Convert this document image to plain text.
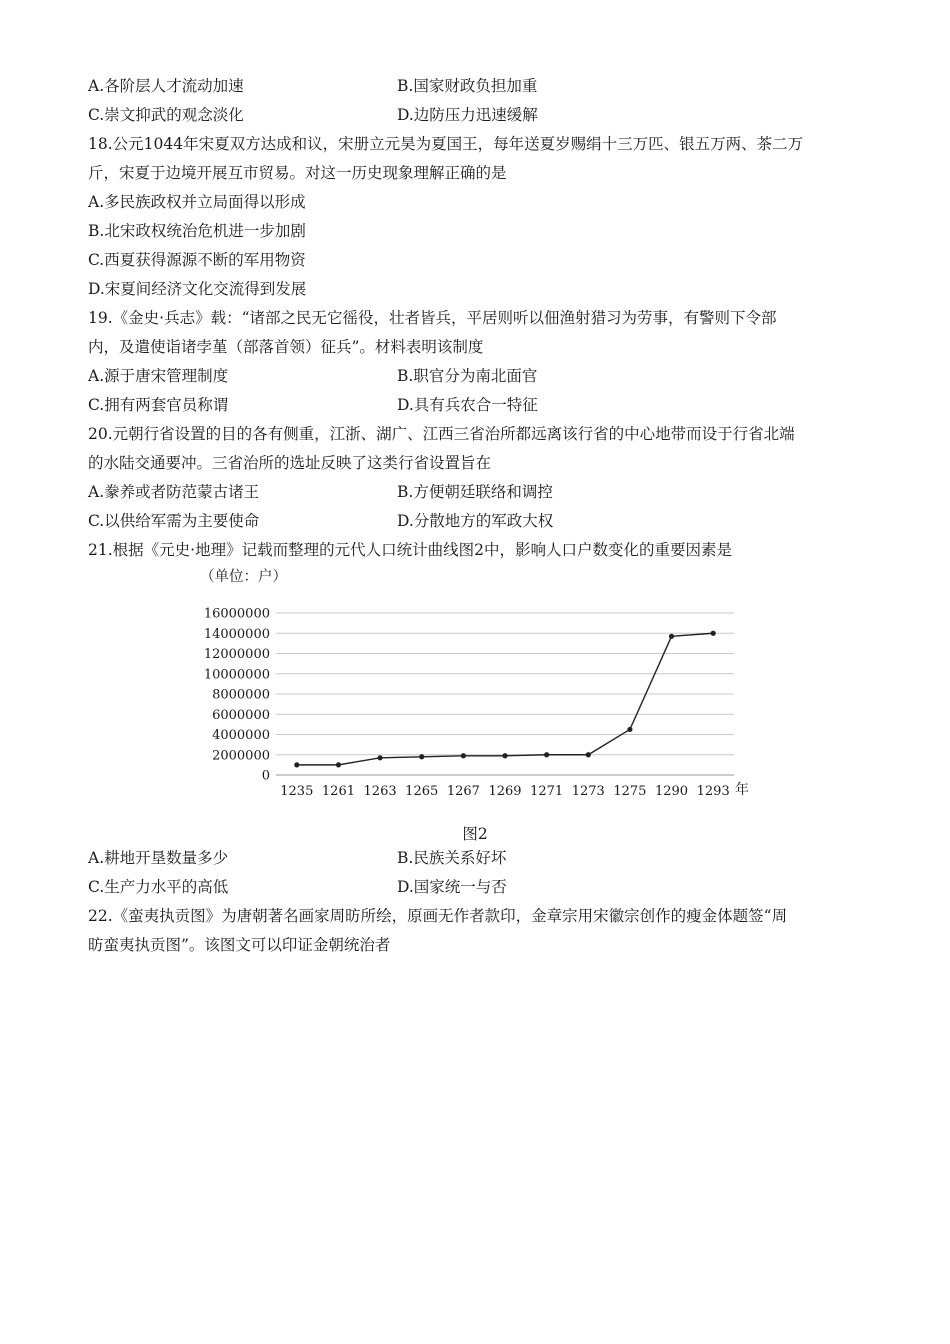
A.各阶层人才流动加速	B.国家财政负担加重
C.崇文抑武的观念淡化	D.边防压力迅速缓解
18.公元1044年宋夏双方达成和议，宋册立元昊为夏国王，每年送夏岁赐绢十三万匹、银五万两、茶二万
斤，宋夏于边境开展互市贸易。对这一历史现象理解正确的是
A.多民族政权并立局面得以形成
B.北宋政权统治危机进一步加剧
C.西夏获得源源不断的军用物资
D.宋夏间经济文化交流得到发展
19.《金史·兵志》载：“诸部之民无它徭役，壮者皆兵，平居则听以佃渔射猎习为劳事，有警则下令部
内，及遣使诣诸孛堇（部落首领）征兵”。材料表明该制度
A.源于唐宋管理制度	B.职官分为南北面官
C.拥有两套官员称谓	D.具有兵农合一特征
20.元朝行省设置的目的各有侧重，江浙、湖广、江西三省治所都远离该行省的中心地带而设于行省北端
的水陆交通要冲。三省治所的选址反映了这类行省设置旨在
A.豢养或者防范蒙古诸王	B.方便朝廷联络和调控
C.以供给军需为主要使命	D.分散地方的军政大权
21.根据《元史·地理》记载而整理的元代人口统计曲线图2中，影响人口户数变化的重要因素是
（单位：户）
0
2000000
4000000
6000000
8000000
10000000
12000000
14000000
16000000
1235 1261 1263 1265 1267 1269 1271 1273 1275 1290 1293 年
图2
A.耕地开垦数量多少	B.民族关系好坏
C.生产力水平的高低	D.国家统一与否
22.《蛮夷执贡图》为唐朝著名画家周昉所绘，原画无作者款印，金章宗用宋徽宗创作的瘦金体题签“周
昉蛮夷执贡图”。该图文可以印证金朝统治者
